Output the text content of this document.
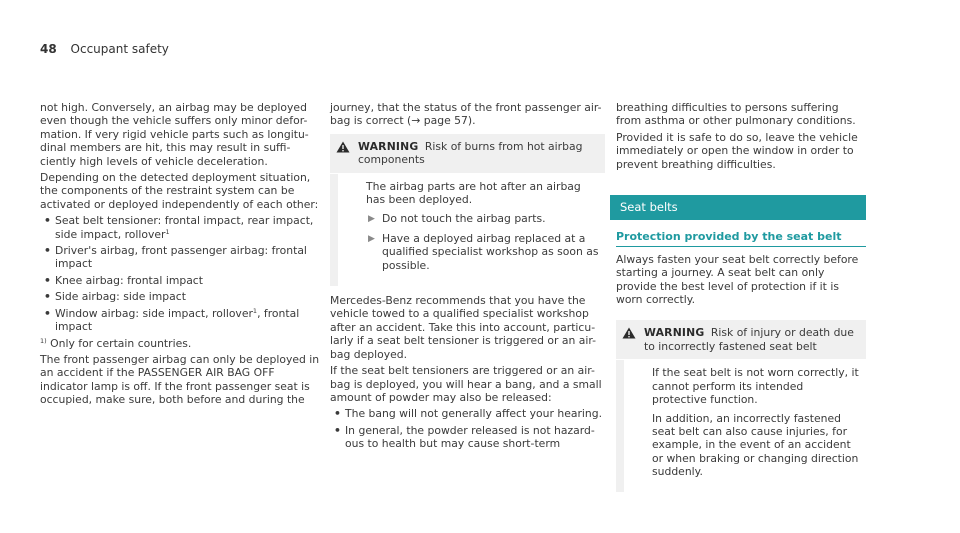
48 Occupant safety

not high. Conversely, an airbag may be deployed even though the vehicle suffers only minor defor-mation. If very rigid vehicle parts such as longitu-dinal members are hit, this may result in suffi-ciently high levels of vehicle deceleration.

Depending on the detected deployment situation, the components of the restraint system can be activated or deployed independently of each other:

• Seat belt tensioner: frontal impact, rear impact, side impact, rollover$^1$
• Driver's airbag, front passenger airbag: frontal impact
• Knee airbag: frontal impact
• Side airbag: side impact
• Window airbag: side impact, rollover$^1$, frontal impact

$^{1)}$ Only for certain countries.

The front passenger airbag can only be deployed in an accident if the PASSENGER AIR BAG OFF indicator lamp is off. If the front passenger seat is occupied, make sure, both before and during the

journey, that the status of the front passenger air-bag is correct (→ page 57).

WARNING Risk of burns from hot airbag components

The airbag parts are hot after an airbag has been deployed.

▶ Do not touch the airbag parts.
▶ Have a deployed airbag replaced at a qualified specialist workshop as soon as possible.

Mercedes-Benz recommends that you have the vehicle towed to a qualified specialist workshop after an accident. Take this into account, particu-larly if a seat belt tensioner is triggered or an air-bag deployed.

If the seat belt tensioners are triggered or an air-bag is deployed, you will hear a bang, and a small amount of powder may also be released:

• The bang will not generally affect your hearing.
• In general, the powder released is not hazard-ous to health but may cause short-term

breathing difficulties to persons suffering from asthma or other pulmonary conditions.

Provided it is safe to do so, leave the vehicle immediately or open the window in order to prevent breathing difficulties.

Seat belts
Protection provided by the seat belt

Always fasten your seat belt correctly before starting a journey. A seat belt can only provide the best level of protection if it is worn correctly.

WARNING Risk of injury or death due to incorrectly fastened seat belt

If the seat belt is not worn correctly, it cannot perform its intended protective function.

In addition, an incorrectly fastened seat belt can also cause injuries, for example, in the event of an accident or when braking or changing direction suddenly.
